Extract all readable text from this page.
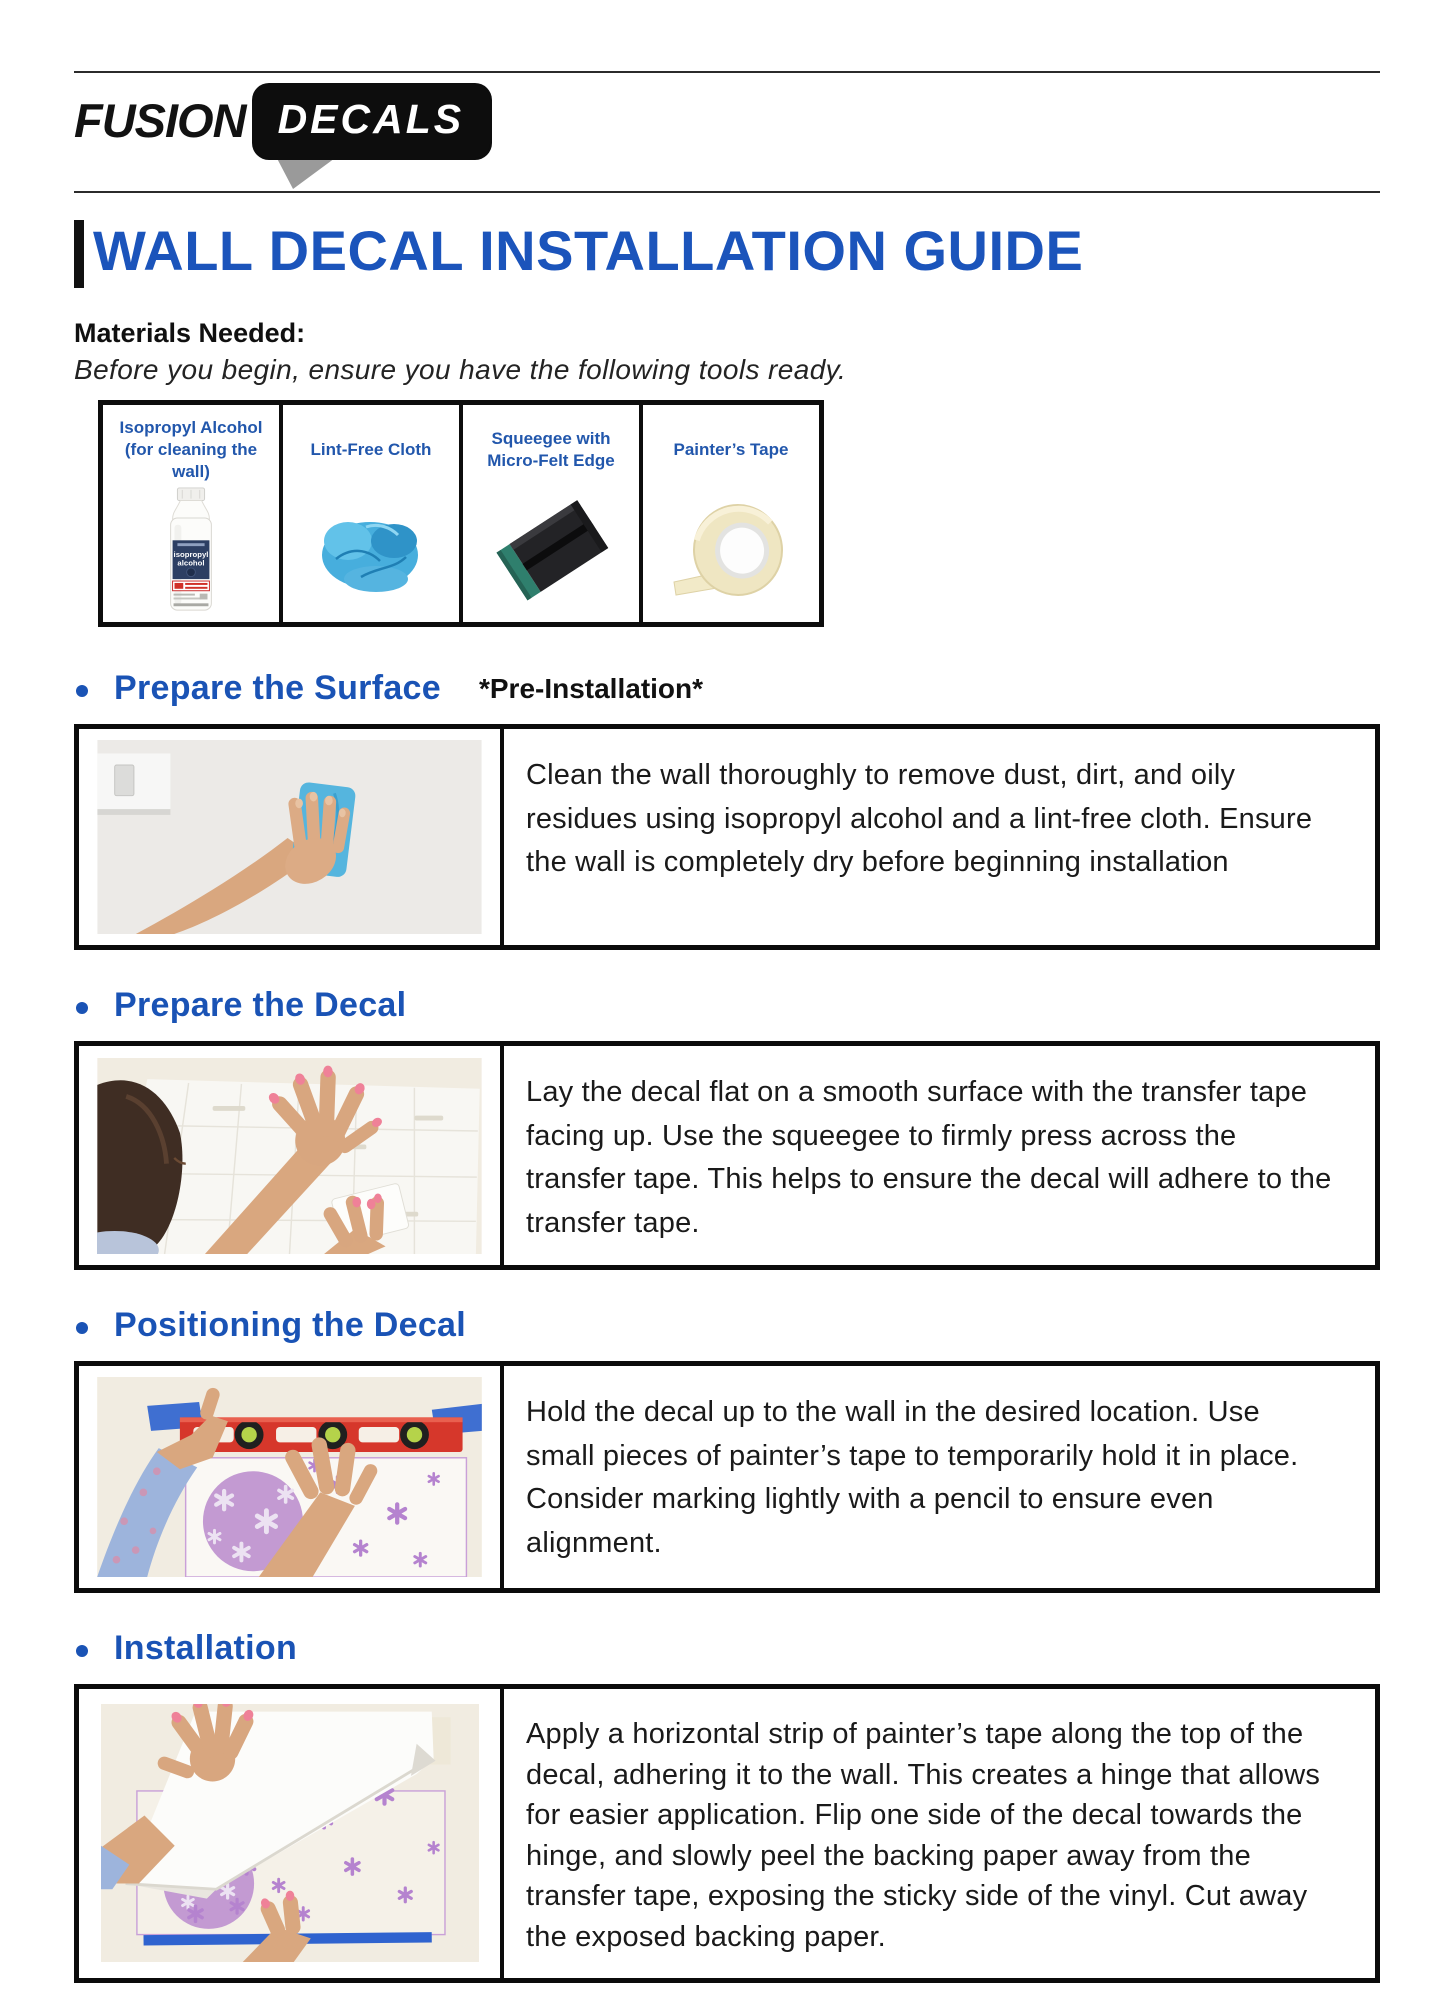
FUSION DECALS
WALL DECAL INSTALLATION GUIDE
Materials Needed:
Before you begin, ensure you have the following tools ready.
Isopropyl Alcohol (for cleaning the wall)
isopropyl
alcohol
Lint-Free Cloth
Squeegee with Micro-Felt Edge
Painter’s Tape
Prepare the Surface *Pre-Installation*
Clean the wall thoroughly to remove dust, dirt, and oily residues using isopropyl alcohol and a lint-free cloth. Ensure the wall is completely dry before beginning installation
Prepare the Decal
Lay the decal flat on a smooth surface with the transfer tape facing up. Use the squeegee to firmly press across the transfer tape. This helps to ensure the decal will adhere to the transfer tape.
Positioning the Decal
Hold the decal up to the wall in the desired location. Use small pieces of painter’s tape to temporarily hold it in place. Consider marking lightly with a pencil to ensure even alignment.
Installation
Apply a horizontal strip of painter’s tape along the top of the decal, adhering it to the wall. This creates a hinge that allows for easier application. Flip one side of the decal towards the hinge, and slowly peel the backing paper away from the transfer tape, exposing the sticky side of the vinyl. Cut away the exposed backing paper.
